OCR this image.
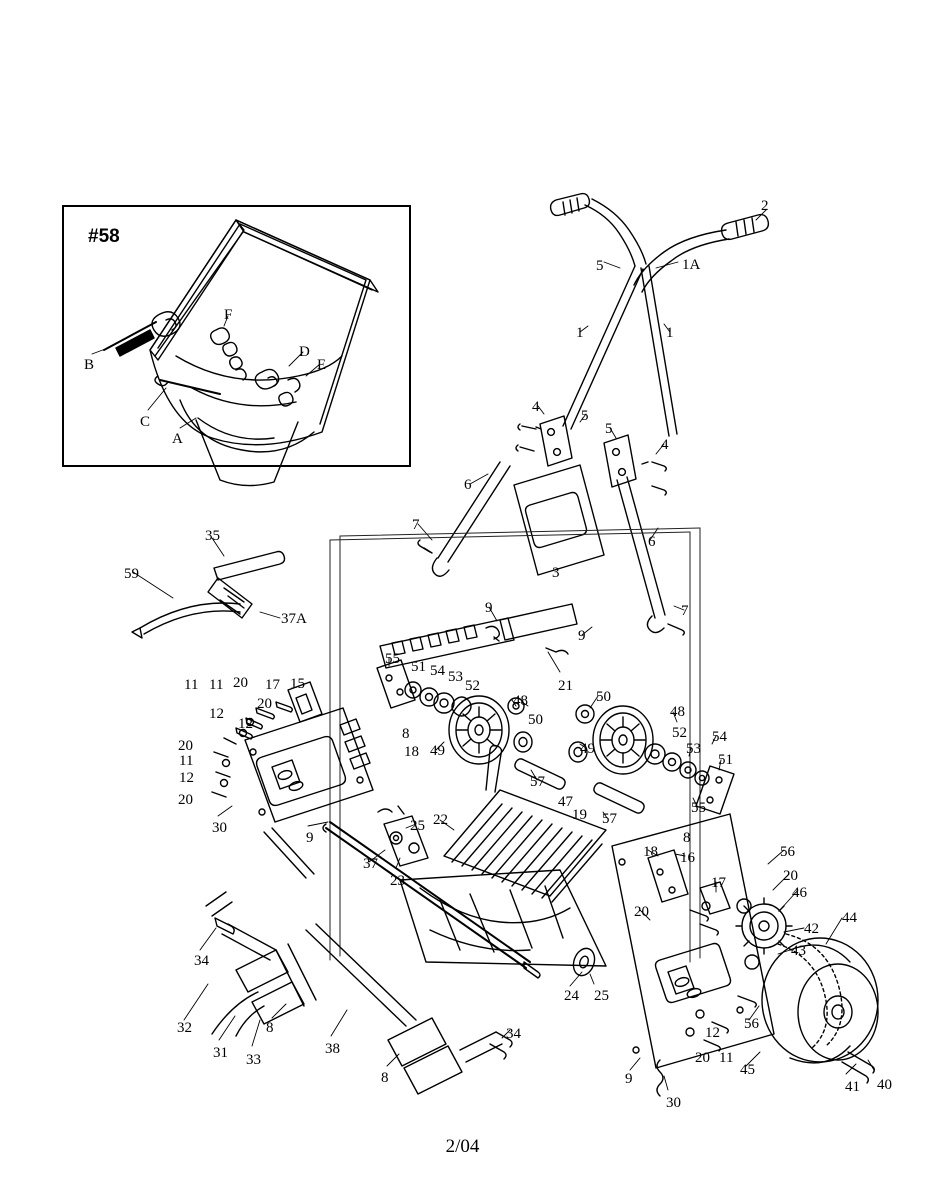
#58
F
D
E
B
C
A
2
5	1A
1	1
4
5
5
4
6
6
7
3
7
9
9
35
59
37A
55 51 54 53
52
48
21
50
50
48
52 54
53
51
49	49
8
18
11 11 20 17 15
12
20
12
20
11
12
20
30
9
55
8
57
47
19 57
25 22
37
23
18 16
17
20
56
20
46
42
44
43
56
12
20 11
45
41 40
9
30
24 25
34
32
31 33
8
38
8
34
2/04
